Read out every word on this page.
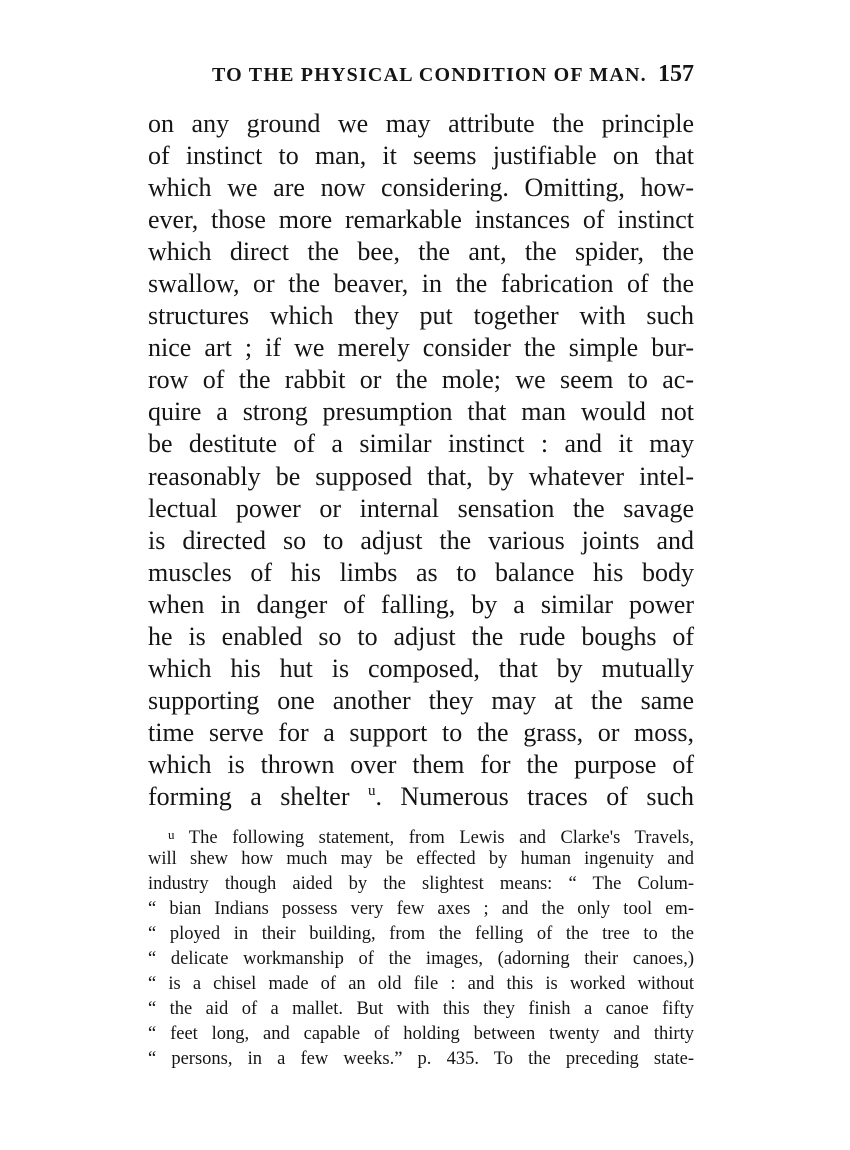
TO THE PHYSICAL CONDITION OF MAN. 157
on any ground we may attribute the principle
of instinct to man, it seems justifiable on that
which we are now considering. Omitting, how-
ever, those more remarkable instances of instinct
which direct the bee, the ant, the spider, the
swallow, or the beaver, in the fabrication of the
structures which they put together with such
nice art ; if we merely consider the simple bur-
row of the rabbit or the mole; we seem to ac-
quire a strong presumption that man would not
be destitute of a similar instinct : and it may
reasonably be supposed that, by whatever intel-
lectual power or internal sensation the savage
is directed so to adjust the various joints and
muscles of his limbs as to balance his body
when in danger of falling, by a similar power
he is enabled so to adjust the rude boughs of
which his hut is composed, that by mutually
supporting one another they may at the same
time serve for a support to the grass, or moss,
which is thrown over them for the purpose of
forming a shelter $^u$. Numerous traces of such
$^u$ The following statement, from Lewis and Clarke's Travels,
will shew how much may be effected by human ingenuity and
industry though aided by the slightest means: “ The Colum-
“ bian Indians possess very few axes ; and the only tool em-
“ ployed in their building, from the felling of the tree to the
“ delicate workmanship of the images, (adorning their canoes,)
“ is a chisel made of an old file : and this is worked without
“ the aid of a mallet. But with this they finish a canoe fifty
“ feet long, and capable of holding between twenty and thirty
“ persons, in a few weeks.” p. 435. To the preceding state-
